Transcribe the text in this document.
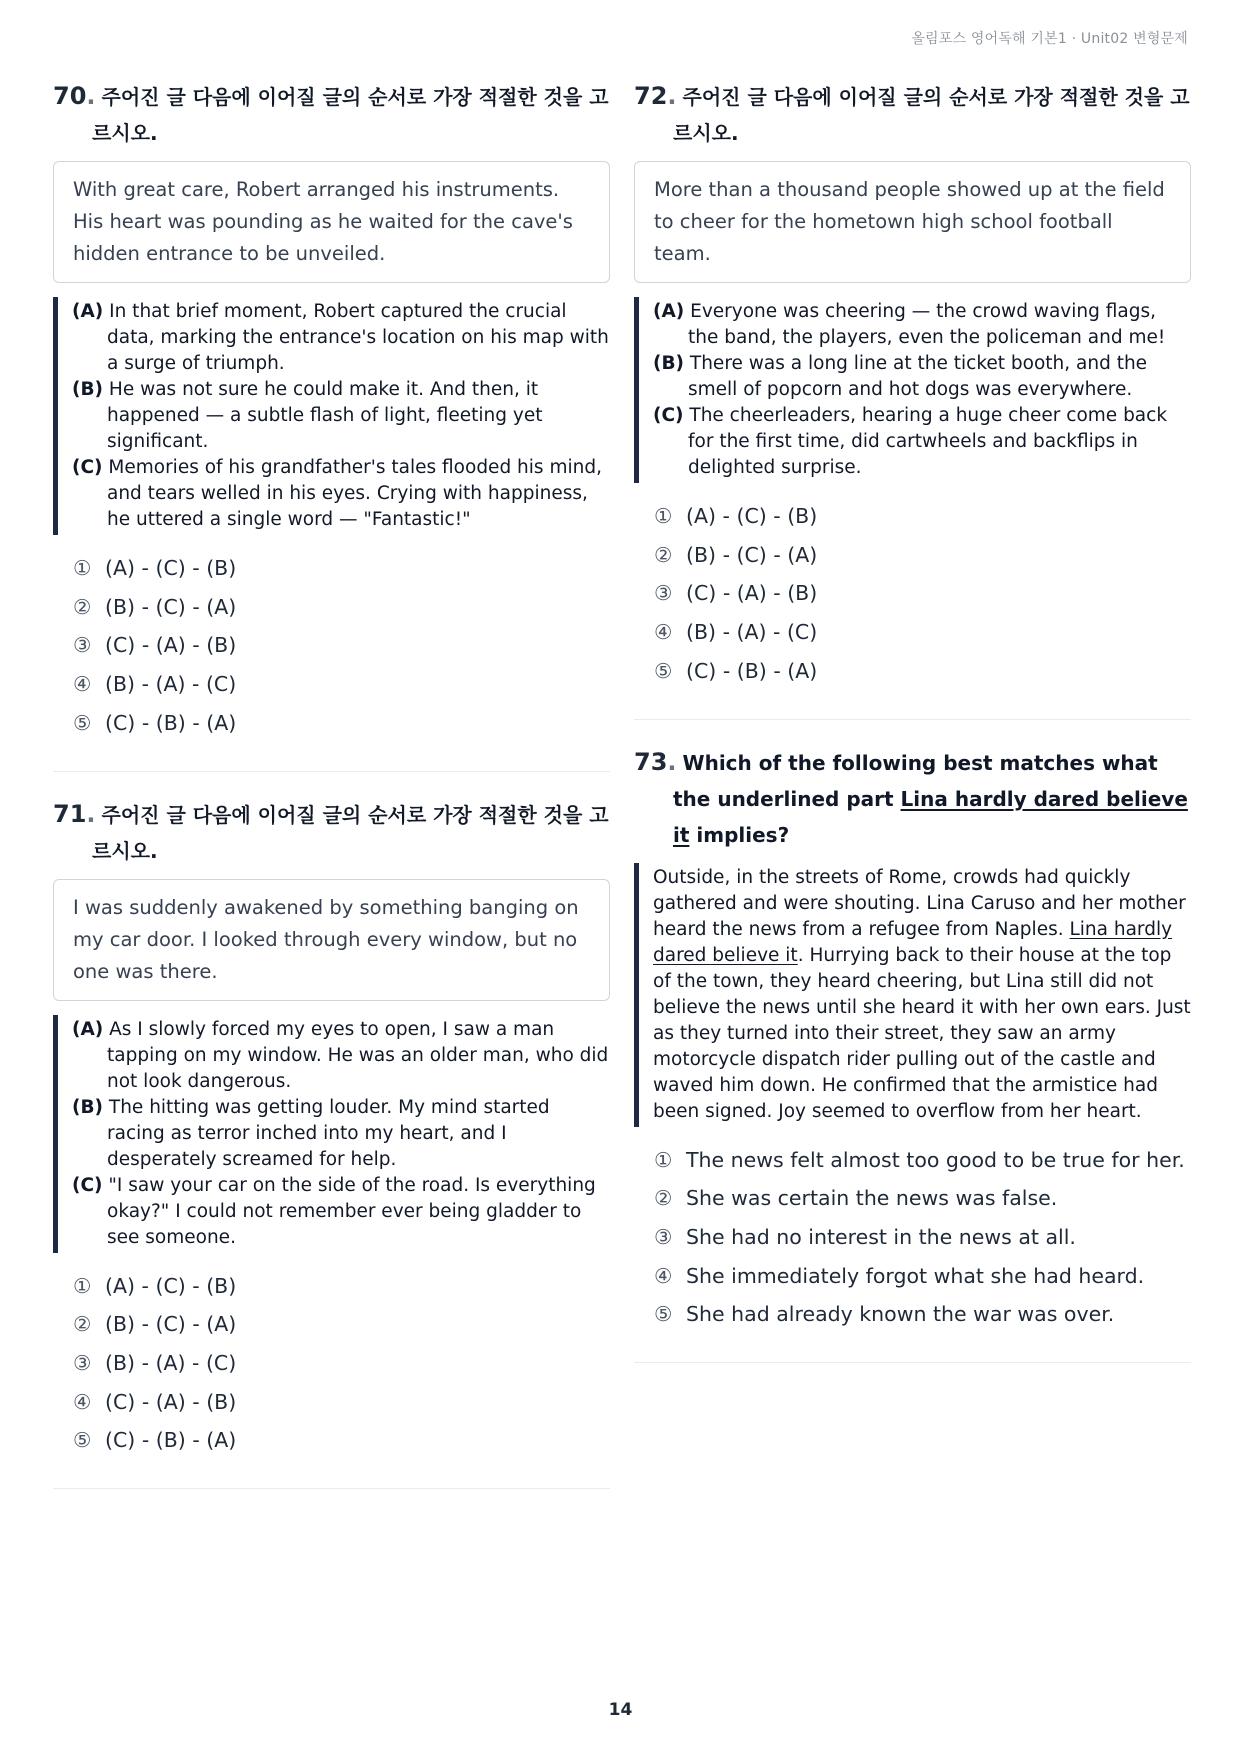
올림포스 영어독해 기본1 · Unit02 변형문제
70. 주어진 글 다음에 이어질 글의 순서로 가장 적절한 것을 고르시오.
With great care, Robert arranged his instruments. His heart was pounding as he waited for the cave's hidden entrance to be unveiled.
(A) In that brief moment, Robert captured the crucial data, marking the entrance's location on his map with a surge of triumph.
(B) He was not sure he could make it. And then, it happened — a subtle flash of light, fleeting yet significant.
(C) Memories of his grandfather's tales flooded his mind, and tears welled in his eyes. Crying with happiness, he uttered a single word — "Fantastic!"
① (A) - (C) - (B)
② (B) - (C) - (A)
③ (C) - (A) - (B)
④ (B) - (A) - (C)
⑤ (C) - (B) - (A)
71. 주어진 글 다음에 이어질 글의 순서로 가장 적절한 것을 고르시오.
I was suddenly awakened by something banging on my car door. I looked through every window, but no one was there.
(A) As I slowly forced my eyes to open, I saw a man tapping on my window. He was an older man, who did not look dangerous.
(B) The hitting was getting louder. My mind started racing as terror inched into my heart, and I desperately screamed for help.
(C) "I saw your car on the side of the road. Is everything okay?" I could not remember ever being gladder to see someone.
① (A) - (C) - (B)
② (B) - (C) - (A)
③ (B) - (A) - (C)
④ (C) - (A) - (B)
⑤ (C) - (B) - (A)
72. 주어진 글 다음에 이어질 글의 순서로 가장 적절한 것을 고르시오.
More than a thousand people showed up at the field to cheer for the hometown high school football team.
(A) Everyone was cheering — the crowd waving flags, the band, the players, even the policeman and me!
(B) There was a long line at the ticket booth, and the smell of popcorn and hot dogs was everywhere.
(C) The cheerleaders, hearing a huge cheer come back for the first time, did cartwheels and backflips in delighted surprise.
① (A) - (C) - (B)
② (B) - (C) - (A)
③ (C) - (A) - (B)
④ (B) - (A) - (C)
⑤ (C) - (B) - (A)
73. Which of the following best matches what the underlined part Lina hardly dared believe it implies?
Outside, in the streets of Rome, crowds had quickly gathered and were shouting. Lina Caruso and her mother heard the news from a refugee from Naples. Lina hardly dared believe it. Hurrying back to their house at the top of the town, they heard cheering, but Lina still did not believe the news until she heard it with her own ears. Just as they turned into their street, they saw an army motorcycle dispatch rider pulling out of the castle and waved him down. He confirmed that the armistice had been signed. Joy seemed to overflow from her heart.
① The news felt almost too good to be true for her.
② She was certain the news was false.
③ She had no interest in the news at all.
④ She immediately forgot what she had heard.
⑤ She had already known the war was over.
14
